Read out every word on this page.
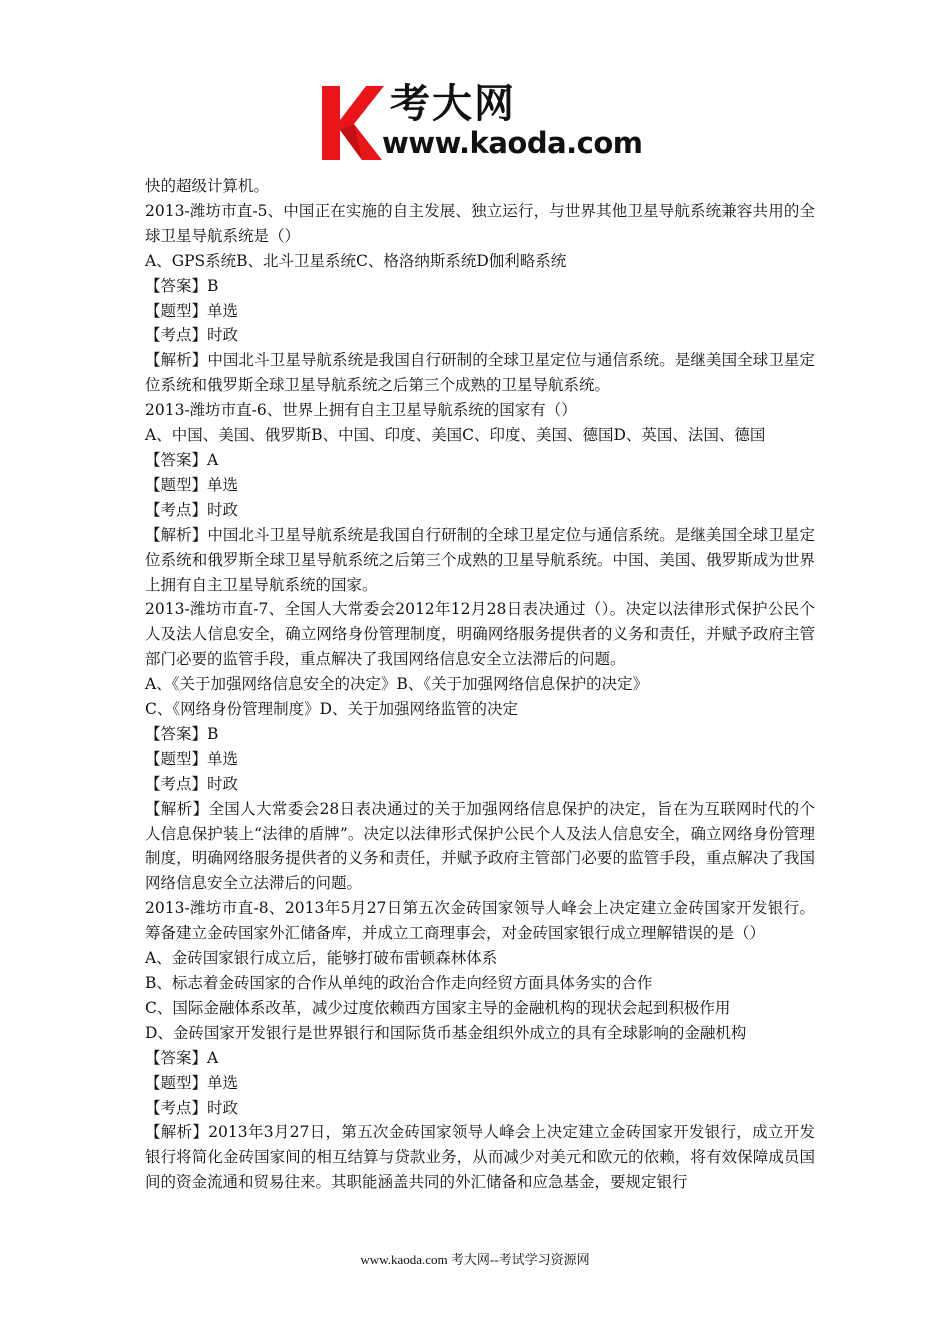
考大网
www.kaoda.com

快的超级计算机。

2013-潍坊市直-5、中国正在实施的自主发展、独立运行，与世界其他卫星导航系统兼容共用的全球卫星导航系统是（）

A、GPS系统B、北斗卫星系统C、格洛纳斯系统D伽利略系统

【答案】B

【题型】单选

【考点】时政

【解析】中国北斗卫星导航系统是我国自行研制的全球卫星定位与通信系统。是继美国全球卫星定位系统和俄罗斯全球卫星导航系统之后第三个成熟的卫星导航系统。

2013-潍坊市直-6、世界上拥有自主卫星导航系统的国家有（）

A、中国、美国、俄罗斯B、中国、印度、美国C、印度、美国、德国D、英国、法国、德国

【答案】A

【题型】单选

【考点】时政

【解析】中国北斗卫星导航系统是我国自行研制的全球卫星定位与通信系统。是继美国全球卫星定位系统和俄罗斯全球卫星导航系统之后第三个成熟的卫星导航系统。中国、美国、俄罗斯成为世界上拥有自主卫星导航系统的国家。

2013-潍坊市直-7、全国人大常委会2012年12月28日表决通过（）。决定以法律形式保护公民个人及法人信息安全，确立网络身份管理制度，明确网络服务提供者的义务和责任，并赋予政府主管部门必要的监管手段，重点解决了我国网络信息安全立法滞后的问题。

A、《关于加强网络信息安全的决定》B、《关于加强网络信息保护的决定》

C、《网络身份管理制度》D、关于加强网络监管的决定

【答案】B

【题型】单选

【考点】时政

【解析】全国人大常委会28日表决通过的关于加强网络信息保护的决定，旨在为互联网时代的个人信息保护装上“法律的盾牌”。决定以法律形式保护公民个人及法人信息安全，确立网络身份管理制度，明确网络服务提供者的义务和责任，并赋予政府主管部门必要的监管手段，重点解决了我国网络信息安全立法滞后的问题。

2013-潍坊市直-8、2013年5月27日第五次金砖国家领导人峰会上决定建立金砖国家开发银行。筹备建立金砖国家外汇储备库，并成立工商理事会，对金砖国家银行成立理解错误的是（）

A、金砖国家银行成立后，能够打破布雷顿森林体系

B、标志着金砖国家的合作从单纯的政治合作走向经贸方面具体务实的合作

C、国际金融体系改革，减少过度依赖西方国家主导的金融机构的现状会起到积极作用

D、金砖国家开发银行是世界银行和国际货币基金组织外成立的具有全球影响的金融机构

【答案】A

【题型】单选

【考点】时政

【解析】2013年3月27日，第五次金砖国家领导人峰会上决定建立金砖国家开发银行，成立开发银行将简化金砖国家间的相互结算与贷款业务，从而减少对美元和欧元的依赖，将有效保障成员国间的资金流通和贸易往来。其职能涵盖共同的外汇储备和应急基金，要规定银行

www.kaoda.com 考大网--考试学习资源网
